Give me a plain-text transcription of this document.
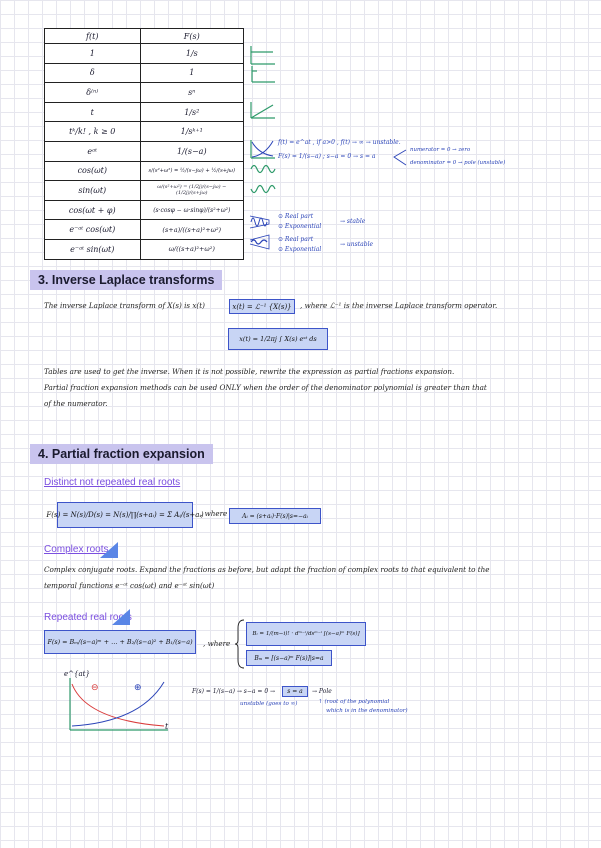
f(t)	F(s)
1	1/s
δ	1
δ⁽ⁿ⁾	sⁿ
t	1/s²
tᵏ/k! , k ≥ 0	1/sᵏ⁺¹
eᵃᵗ	1/(s−a)
cos(ωt)	s/(s²+ω²) = ½/(s−jω) + ½/(s+jω)
sin(ωt)	ω/(s²+ω²) = (1/2j)/(s−jω) − (1/2j)/(s+jω)
cos(ωt + φ)	(s·cosφ − ω·sinφ)/(s²+ω²)
e⁻ᵃᵗ cos(ωt)	(s+a)/((s+a)²+ω²)
e⁻ᵃᵗ sin(ωt)	ω/((s+a)²+ω²)
f(t) = e^at , if a>0 , f(t) → ∞ → unstable.
F(s) = 1/(s−a) ; s−a = 0 → s = a
numerator = 0 → zero
denominator = 0 → pole (unstable)
⊙ Real part
⊙ Exponential
→ stable
⊙ Real part
⊙ Exponential
→ unstable
3. Inverse Laplace transforms
The inverse Laplace transform of X(s) is x(t)	x(t) = ℒ⁻¹ {X(s)}	, where ℒ⁻¹ is the inverse Laplace transform operator.
x(t) = 1/2πj ∫ X(s) eˢᵗ ds
Tables are used to get the inverse. When it is not possible, rewrite the expression as partial fractions expansion.
Partial fraction expansion methods can be used ONLY when the order of the denominator polynomial is greater than that
of the numerator.
4. Partial fraction expansion
Distinct not repeated real roots
F(s) = N(s)/D(s) = N(s)/∏(s+aᵢ) = Σ Aᵢ/(s+aᵢ)
, where	Aᵢ = (s+aᵢ)·F(s)|s=−aᵢ
Complex roots
Complex conjugate roots. Expand the fractions as before, but adapt the fraction of complex roots to that equivalent to the
temporal functions e⁻ᵃᵗ cos(ωt) and e⁻ᵃᵗ sin(ωt)
Repeated real roots
F(s) = Bₘ/(s−a)ᵐ + … + B₂/(s−a)² + B₁/(s−a)	, where
Bᵢ = 1/(m−i)! · dᵐ⁻ⁱ/dsᵐ⁻ⁱ [(s−a)ᵐ F(s)]
Bₘ = [(s−a)ᵐ F(s)]|s=a
e^{at}
t
⊖	⊕	F(s) = 1/(s−a) → s−a = 0 →	s = a	→ Pole
unstable (goes to ∞)	↑ (root of the polynomial
which is in the denominator)
